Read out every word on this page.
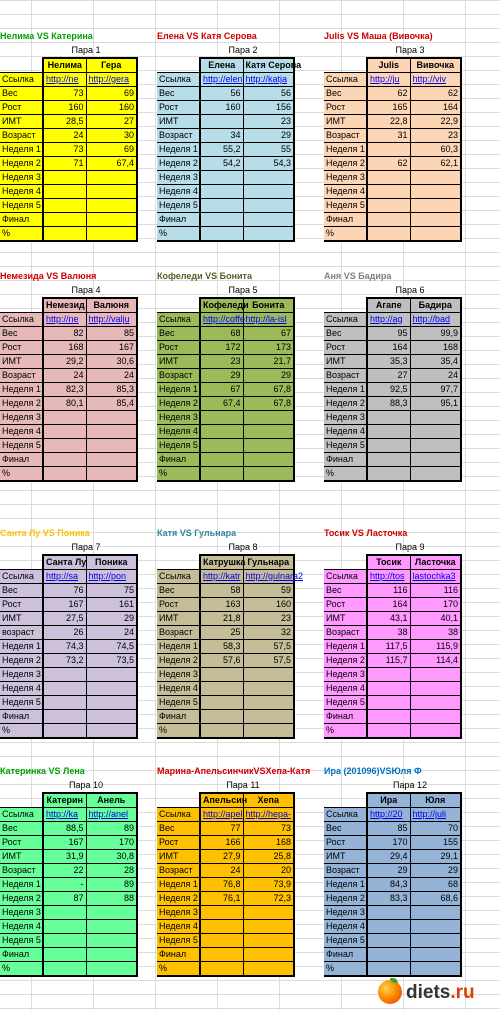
Нелима VS Катерина
Пара 1
	Нелима	Гера
Ссылка	http://ne	http://gera
Вес	73	69
Рост	160	160
ИМТ	28,5	27
Возраст	24	30
Неделя 1	73	69
Неделя 2	71	67,4
Неделя 3		
Неделя 4		
Неделя 5		
Финал		
%		
Елена VS Катя Серова
Пара 2
	Елена	Катя Серова
Ссылка	http://elen	http://katja
Вес	56	56
Рост	160	156
ИМТ		23
Возраст	34	29
Неделя 1	55,2	55
Неделя 2	54,2	54,3
Неделя 3		
Неделя 4		
Неделя 5		
Финал		
%		
Julis VS Маша (Вивочка)
Пара 3
	Julis	Вивочка
Ссылка	http://ju	http://viv
Вес	62	62
Рост	165	164
ИМТ	22,8	22,9
Возраст	31	23
Неделя 1		60,3
Неделя 2	62	62,1
Неделя 3		
Неделя 4		
Неделя 5		
Финал		
%		
Немезида VS Валюня
Пара 4
	Немезид	Валюня
Ссылка	http://ne	http://valju
Вес	82	85
Рост	168	167
ИМТ	29,2	30,6
Возраст	24	24
Неделя 1	82,3	85,3
Неделя 2	80,1	85,4
Неделя 3		
Неделя 4		
Неделя 5		
Финал		
%		
Кофеледи VS Бонита
Пара 5
	Кофеледи	Бонита
Ссылка	http://coffe	http://la-isl
Вес	68	67
Рост	172	173
ИМТ	23	21,7
Возраст	29	29
Неделя 1	67	67,8
Неделя 2	67,4	67,8
Неделя 3		
Неделя 4		
Неделя 5		
Финал		
%		
Аня VS Бадира
Пара 6
	Агапе	Бадира
Ссылка	http://ag	http://bad
Вес	95	99,9
Рост	164	168
ИМТ	35,3	35,4
Возраст	27	24
Неделя 1	92,5	97,7
Неделя 2	88,3	95,1
Неделя 3		
Неделя 4		
Неделя 5		
Финал		
%		
Санта Лу VS Поника
Пара 7
	Санта Лу	Поника
Ссылка	http://sa	http://pon
Вес	76	75
Рост	167	161
ИМТ	27,5	29
возраст	26	24
Неделя 1	74,3	74,5
Неделя 2	73,2	73,5
Неделя 3		
Неделя 4		
Неделя 5		
Финал		
%		
Катя VS Гульнара
Пара 8
	Катрушка	Гульнара
Ссылка	http://katr	http://gulnara2
Вес	58	59
Рост	163	160
ИМТ	21,8	23
Возраст	25	32
Неделя 1	58,3	57,5
Неделя 2	57,6	57,5
Неделя 3		
Неделя 4		
Неделя 5		
Финал		
%		
Тосик VS Ласточка
Пара 9
	Тосик	Ласточка
Ссылка	http://tos	lastochka3
Вес	116	116
Рост	164	170
ИМТ	43,1	40,1
Возраст	38	38
Неделя 1	117,5	115,9
Неделя 2	115,7	114,4
Неделя 3		
Неделя 4		
Неделя 5		
Финал		
%		
Катеринка VS Лена
Пара 10
	Катерин	Анель
Ссылка	http://ka	http://anel
Вес	88,5	89
Рост	167	170
ИМТ	31,9	30,8
Возраст	22	28
Неделя 1	-	89
Неделя 2	87	88
Неделя 3		
Неделя 4		
Неделя 5		
Финал		
%		
Марина-АпельсинчикVSХепа-Катя
Пара 11
	Апельсин	Хепа
Ссылка	http://apel	http://hepa-
Вес	77	73
Рост	166	168
ИМТ	27,9	25,8
Возраст	24	20
Неделя 1	76,8	73,9
Неделя 2	76,1	72,3
Неделя 3		
Неделя 4		
Неделя 5		
Финал		
%		
Ира (201096)VSЮля Ф
Пара 12
	Ира	Юля
Ссылка	http://20	http://juli
Вес	85	70
Рост	170	155
ИМТ	29,4	29,1
Возраст	29	29
Неделя 1	84,3	68
Неделя 2	83,3	68,6
Неделя 3		
Неделя 4		
Неделя 5		
Финал		
%		
diets.ru
